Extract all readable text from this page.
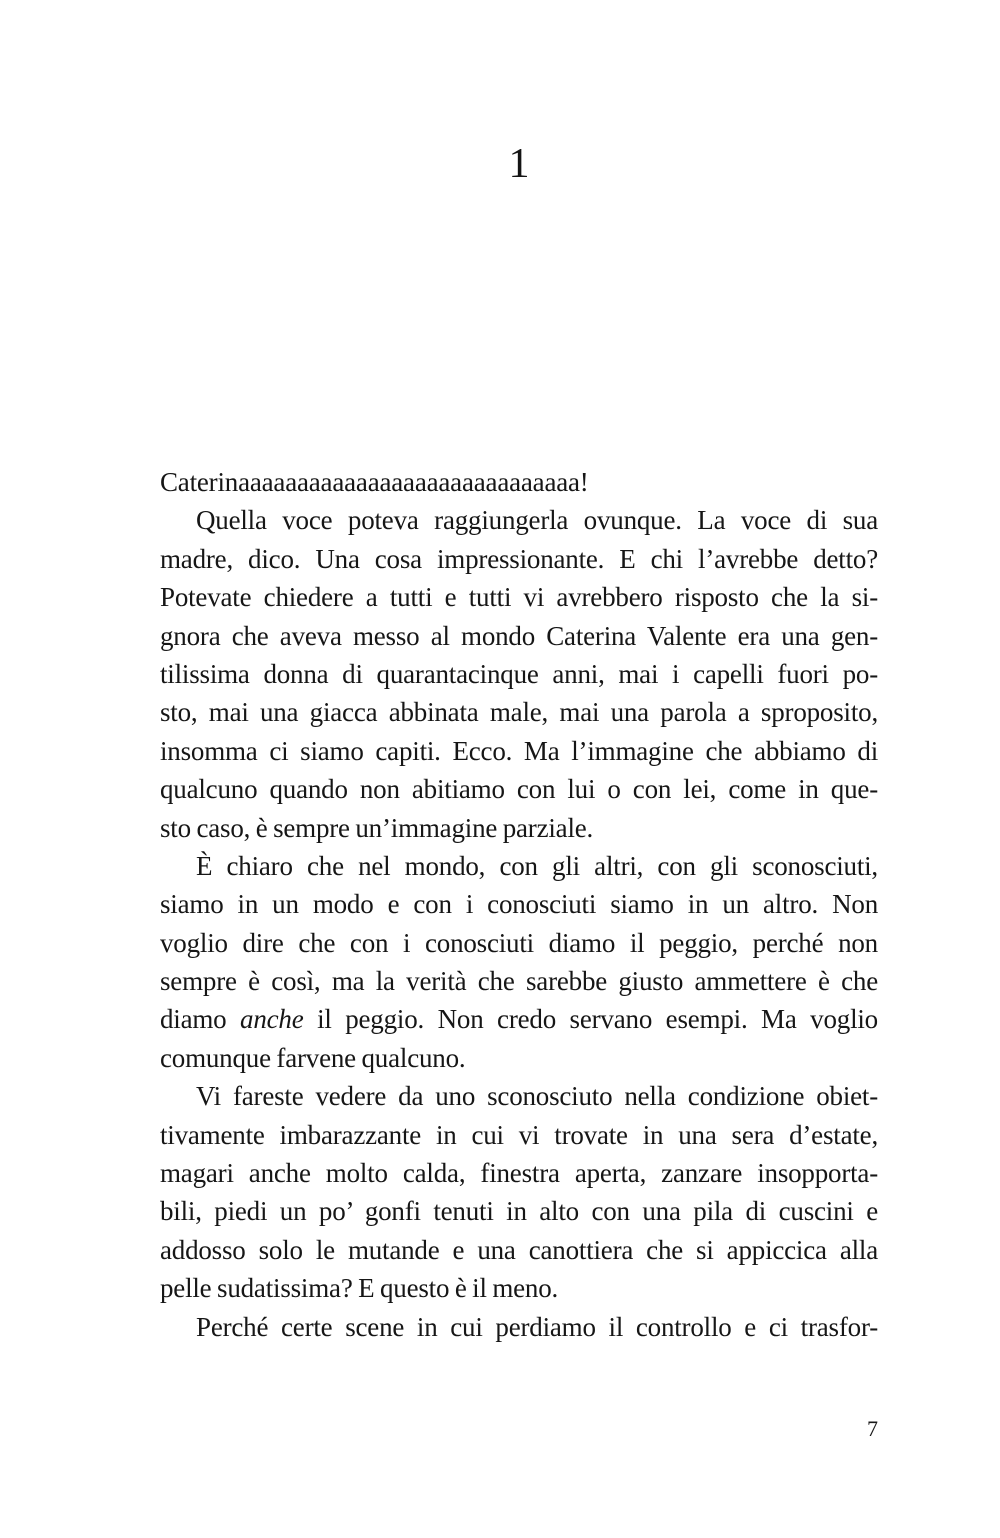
1
Caterinaaaaaaaaaaaaaaaaaaaaaaaaaaaaa!
Quella voce poteva raggiungerla ovunque. La voce di sua
madre, dico. Una cosa impressionante. E chi l’avrebbe detto?
Potevate chiedere a tutti e tutti vi avrebbero risposto che la si-
gnora che aveva messo al mondo Caterina Valente era una gen-
tilissima donna di quarantacinque anni, mai i capelli fuori po-
sto, mai una giacca abbinata male, mai una parola a sproposito,
insomma ci siamo capiti. Ecco. Ma l’immagine che abbiamo di
qualcuno quando non abitiamo con lui o con lei, come in que-
sto caso, è sempre un’immagine parziale.
È chiaro che nel mondo, con gli altri, con gli sconosciuti,
siamo in un modo e con i conosciuti siamo in un altro. Non
voglio dire che con i conosciuti diamo il peggio, perché non
sempre è così, ma la verità che sarebbe giusto ammettere è che
diamo anche il peggio. Non credo servano esempi. Ma voglio
comunque farvene qualcuno.
Vi fareste vedere da uno sconosciuto nella condizione obiet-
tivamente imbarazzante in cui vi trovate in una sera d’estate,
magari anche molto calda, finestra aperta, zanzare insopporta-
bili, piedi un po’ gonfi tenuti in alto con una pila di cuscini e
addosso solo le mutande e una canottiera che si appiccica alla
pelle sudatissima? E questo è il meno.
Perché certe scene in cui perdiamo il controllo e ci trasfor-
7
